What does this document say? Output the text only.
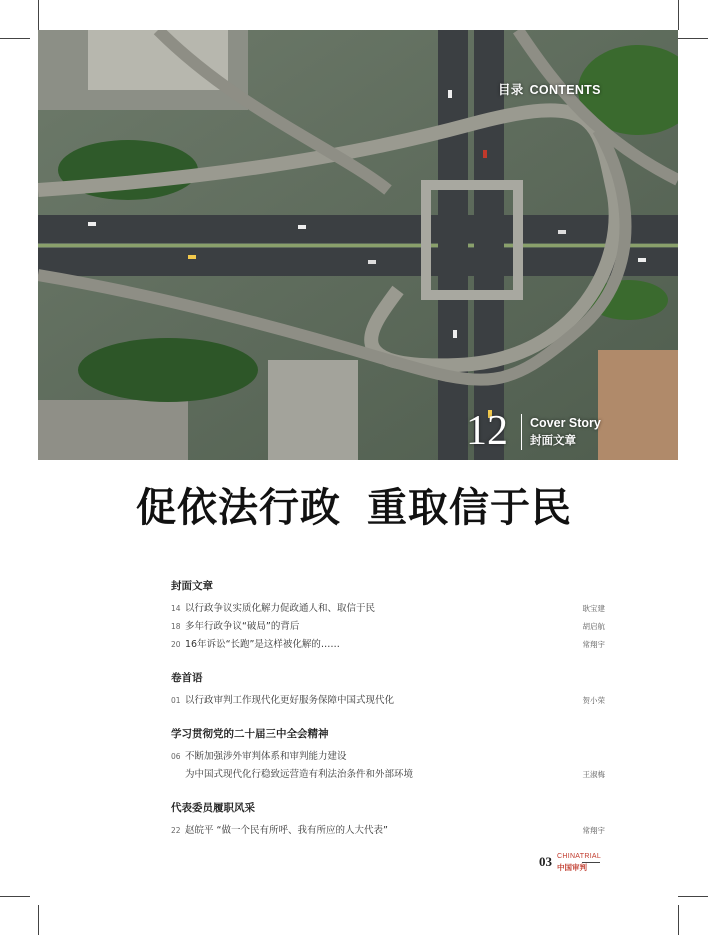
目录 CONTENTS
12 Cover Story
封面文章
促依法行政 重取信于民
封面文章
14 以行政争议实质化解力促政通人和、取信于民	耿宝建
18 多年行政争议“破局”的背后	胡启航
20 16年诉讼“长跑”是这样被化解的……	常翔宇
卷首语
01 以行政审判工作现代化更好服务保障中国式现代化	贺小荣
学习贯彻党的二十届三中全会精神
06 不断加强涉外审判体系和审判能力建设
为中国式现代化行稳致远营造有利法治条件和外部环境	王淑梅
代表委员履职风采
22 赵皖平 “做一个民有所呼、我有所应的人大代表”	常翔宇
03 CHINATRIAL
中国审判
